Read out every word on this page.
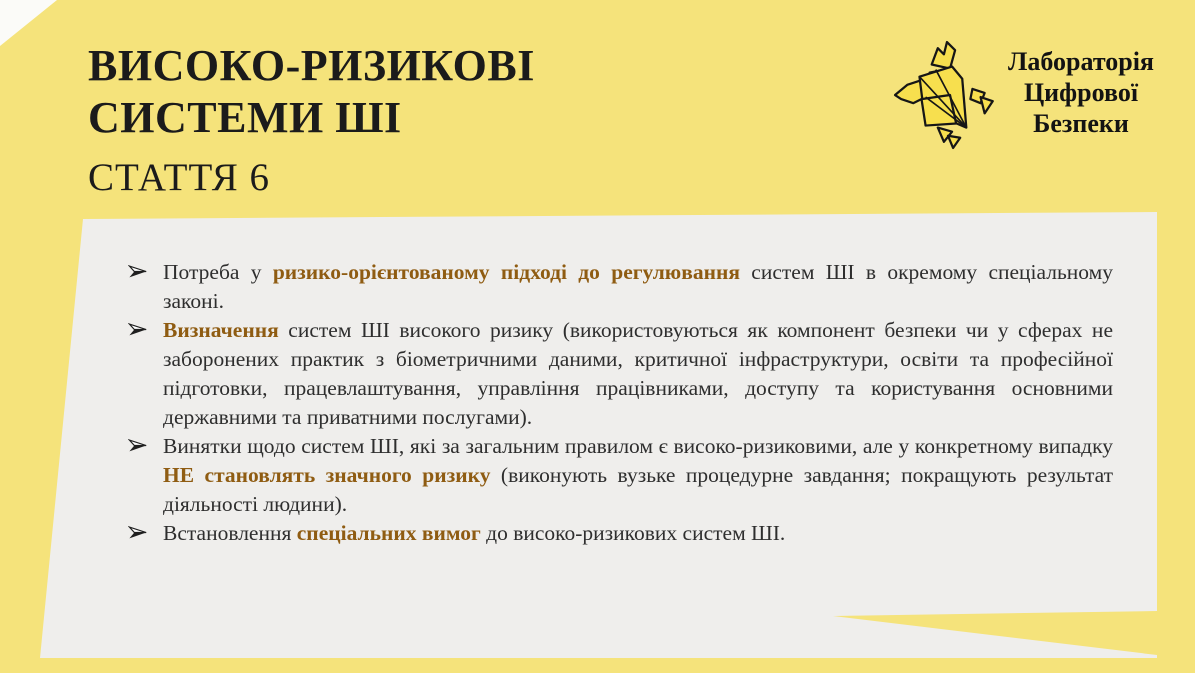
ВИСОКО-РИЗИКОВІ
СИСТЕМИ ШІ
СТАТТЯ 6
Лабораторія
Цифрової
Безпеки
Потреба у ризико-орієнтованому підході до регулювання систем ШІ в окремому спеціальному законі.
Визначення систем ШІ високого ризику (використовуються як компонент безпеки чи у сферах не заборонених практик з біометричними даними, критичної інфраструктури, освіти та професійної підготовки, працевлаштування, управління працівниками, доступу та користування основними державними та приватними послугами).
Винятки щодо систем ШІ, які за загальним правилом є високо-ризиковими, але у конкретному випадку НЕ становлять значного ризику (виконують вузьке процедурне завдання; покращують результат діяльності людини).
Встановлення спеціальних вимог до високо-ризикових систем ШІ.
